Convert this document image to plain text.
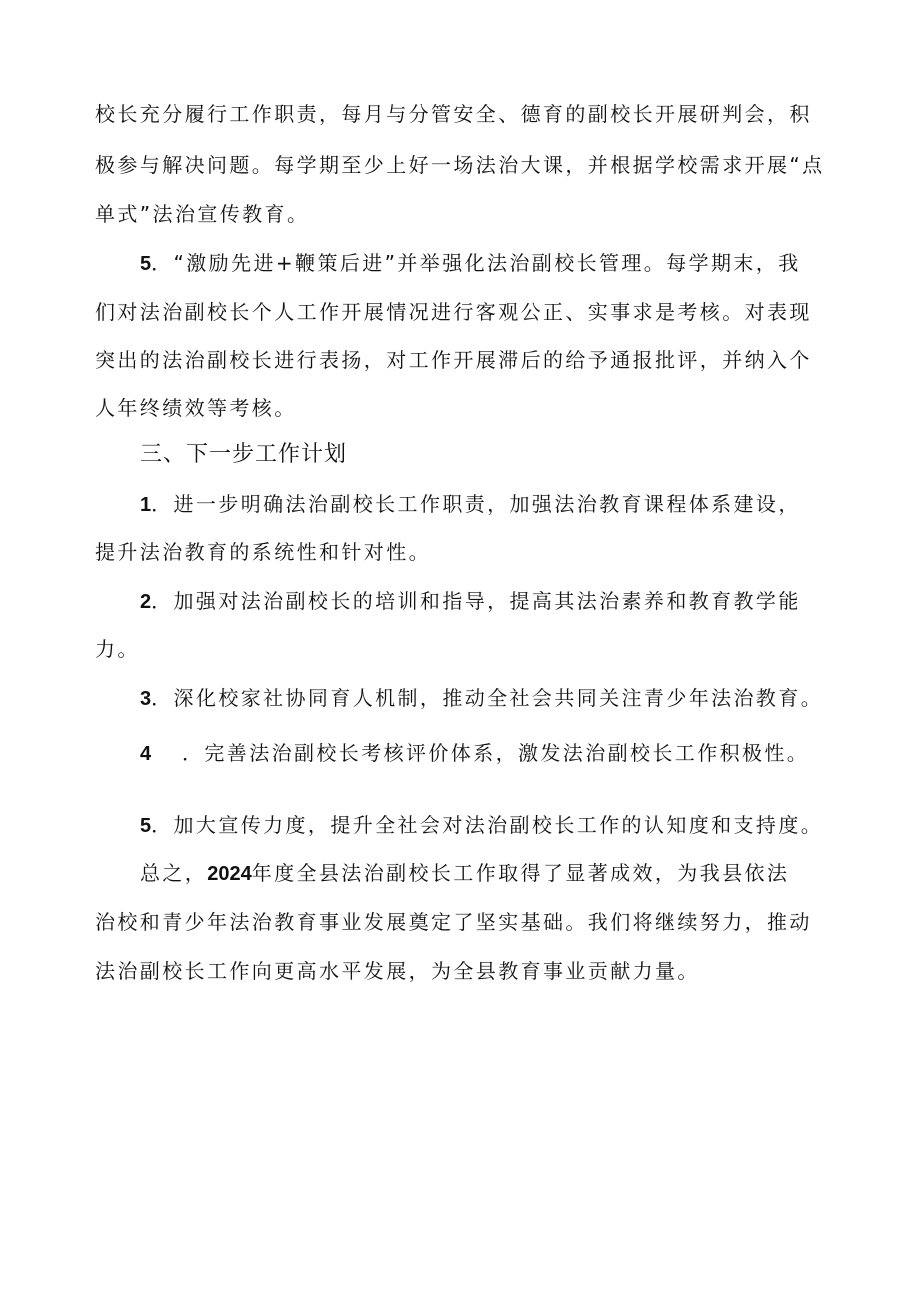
校长充分履行工作职责，每月与分管安全、德育的副校长开展研判会，积
极参与解决问题。每学期至少上好一场法治大课，并根据学校需求开展“点
单式”法治宣传教育。
5．“激励先进+鞭策后进”并举强化法治副校长管理。每学期末，我
们对法治副校长个人工作开展情况进行客观公正、实事求是考核。对表现
突出的法治副校长进行表扬，对工作开展滞后的给予通报批评，并纳入个
人年终绩效等考核。
三、下一步工作计划
1．进一步明确法治副校长工作职责，加强法治教育课程体系建设，
提升法治教育的系统性和针对性。
2．加强对法治副校长的培训和指导，提高其法治素养和教育教学能
力。
3．深化校家社协同育人机制，推动全社会共同关注青少年法治教育。
4 ．完善法治副校长考核评价体系，激发法治副校长工作积极性。
5．加大宣传力度，提升全社会对法治副校长工作的认知度和支持度。
总之，2024年度全县法治副校长工作取得了显著成效，为我县依法
治校和青少年法治教育事业发展奠定了坚实基础。我们将继续努力，推动
法治副校长工作向更高水平发展，为全县教育事业贡献力量。
